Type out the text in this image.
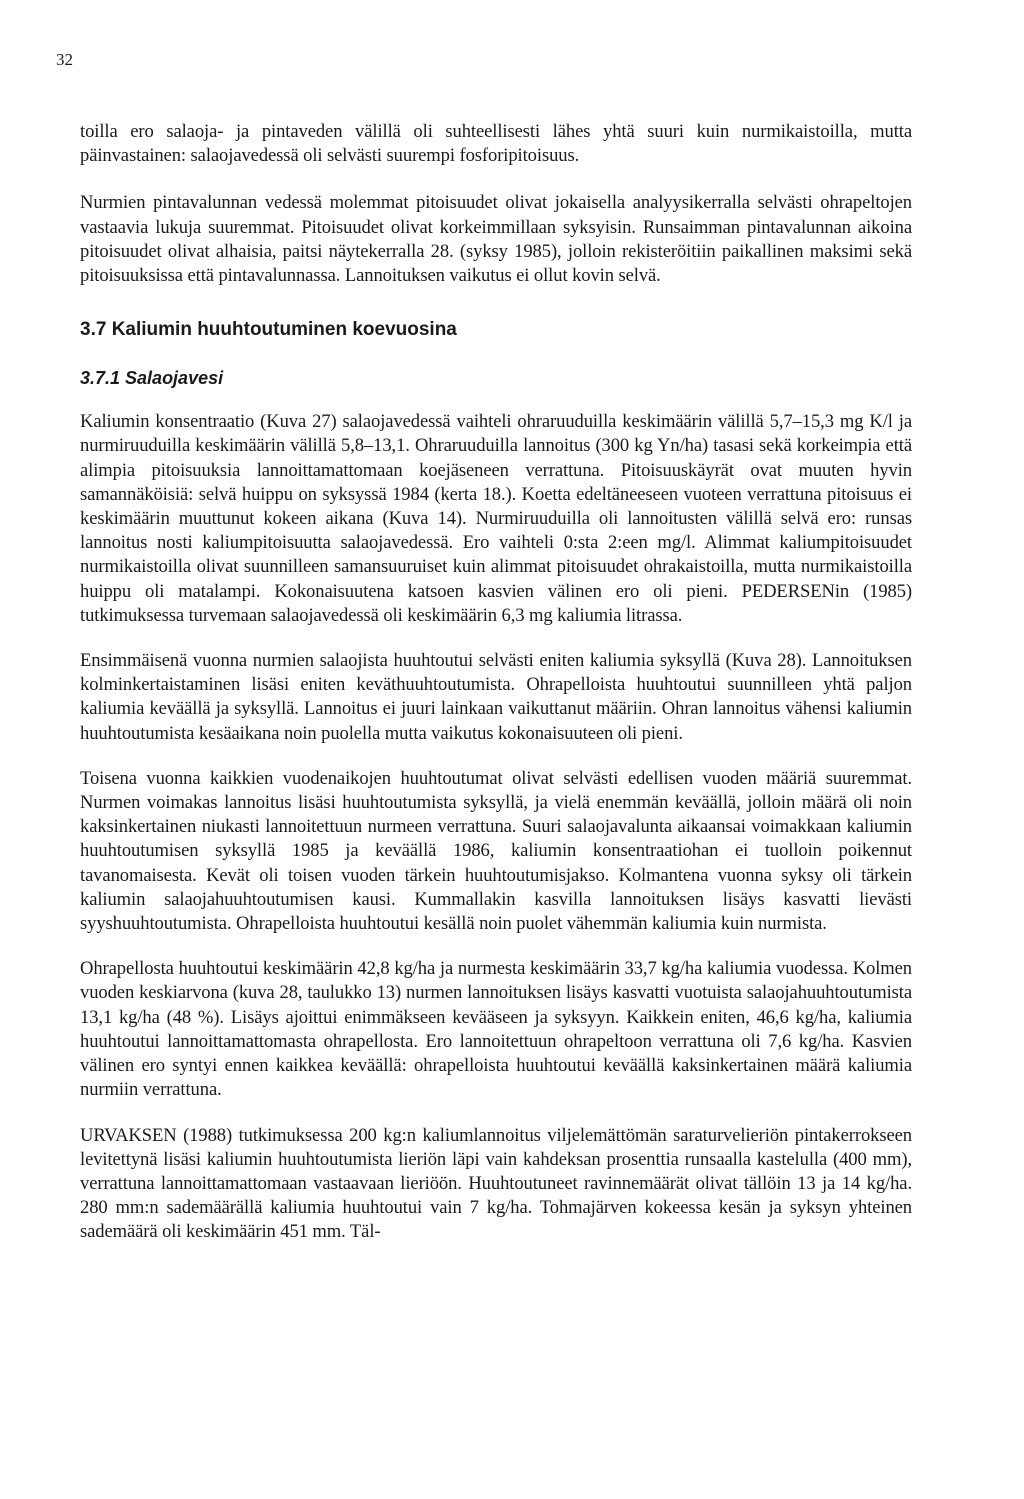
32

toilla ero salaoja- ja pintaveden välillä oli suhteellisesti lähes yhtä suuri kuin nurmikaistoilla, mutta päinvastainen: salaojavedessä oli selvästi suurempi fosforipitoisuus.

Nurmien pintavalunnan vedessä molemmat pitoisuudet olivat jokaisella analyysikerralla selvästi ohrapeltojen vastaavia lukuja suuremmat. Pitoisuudet olivat korkeimmillaan syksyisin. Runsaimman pintavalunnan aikoina pitoisuudet olivat alhaisia, paitsi näytekerralla 28. (syksy 1985), jolloin rekisteröitiin paikallinen maksimi sekä pitoisuuksissa että pintavalunnassa. Lannoituksen vaikutus ei ollut kovin selvä.

3.7 Kaliumin huuhtoutuminen koevuosina
3.7.1 Salaojavesi

Kaliumin konsentraatio (Kuva 27) salaojavedessä vaihteli ohraruuduilla keskimäärin välillä 5,7–15,3 mg K/l ja nurmiruuduilla keskimäärin välillä 5,8–13,1. Ohraruuduilla lannoitus (300 kg Yn/ha) tasasi sekä korkeimpia että alimpia pitoisuuksia lannoittamattomaan koejäseneen verrattuna. Pitoisuuskäyrät ovat muuten hyvin samannäköisiä: selvä huippu on syksyssä 1984 (kerta 18.). Koetta edeltäneeseen vuoteen verrattuna pitoisuus ei keskimäärin muuttunut kokeen aikana (Kuva 14). Nurmiruuduilla oli lannoitusten välillä selvä ero: runsas lannoitus nosti kaliumpitoisuutta salaojavedessä. Ero vaihteli 0:sta 2:een mg/l. Alimmat kaliumpitoisuudet nurmikaistoilla olivat suunnilleen samansuuruiset kuin alimmat pitoisuudet ohrakaistoilla, mutta nurmikaistoilla huippu oli matalampi. Kokonaisuutena katsoen kasvien välinen ero oli pieni. PEDERSENin (1985) tutkimuksessa turvemaan salaojavedessä oli keskimäärin 6,3 mg kaliumia litrassa.

Ensimmäisenä vuonna nurmien salaojista huuhtoutui selvästi eniten kaliumia syksyllä (Kuva 28). Lannoituksen kolminkertaistaminen lisäsi eniten keväthuuhtoutumista. Ohrapelloista huuhtoutui suunnilleen yhtä paljon kaliumia keväällä ja syksyllä. Lannoitus ei juuri lainkaan vaikuttanut määriin. Ohran lannoitus vähensi kaliumin huuhtoutumista kesäaikana noin puolella mutta vaikutus kokonaisuuteen oli pieni.

Toisena vuonna kaikkien vuodenaikojen huuhtoutumat olivat selvästi edellisen vuoden määriä suuremmat. Nurmen voimakas lannoitus lisäsi huuhtoutumista syksyllä, ja vielä enemmän keväällä, jolloin määrä oli noin kaksinkertainen niukasti lannoitettuun nurmeen verrattuna. Suuri salaojavalunta aikaansai voimakkaan kaliumin huuhtoutumisen syksyllä 1985 ja keväällä 1986, kaliumin konsentraatiohan ei tuolloin poikennut tavanomaisesta. Kevät oli toisen vuoden tärkein huuhtoutumisjakso. Kolmantena vuonna syksy oli tärkein kaliumin salaojahuuhtoutumisen kausi. Kummallakin kasvilla lannoituksen lisäys kasvatti lievästi syyshuuhtoutumista. Ohrapelloista huuhtoutui kesällä noin puolet vähemmän kaliumia kuin nurmista.

Ohrapellosta huuhtoutui keskimäärin 42,8 kg/ha ja nurmesta keskimäärin 33,7 kg/ha kaliumia vuodessa. Kolmen vuoden keskiarvona (kuva 28, taulukko 13) nurmen lannoituksen lisäys kasvatti vuotuista salaojahuuhtoutumista 13,1 kg/ha (48 %). Lisäys ajoittui enimmäkseen kevääseen ja syksyyn. Kaikkein eniten, 46,6 kg/ha, kaliumia huuhtoutui lannoittamattomasta ohrapellosta. Ero lannoitettuun ohrapeltoon verrattuna oli 7,6 kg/ha. Kasvien välinen ero syntyi ennen kaikkea keväällä: ohrapelloista huuhtoutui keväällä kaksinkertainen määrä kaliumia nurmiin verrattuna.

URVAKSEN (1988) tutkimuksessa 200 kg:n kaliumlannoitus viljelemättömän saraturvelieriön pintakerrokseen levitettynä lisäsi kaliumin huuhtoutumista lieriön läpi vain kahdeksan prosenttia runsaalla kastelulla (400 mm), verrattuna lannoittamattomaan vastaavaan lieriöön. Huuhtoutuneet ravinnemäärät olivat tällöin 13 ja 14 kg/ha. 280 mm:n sademäärällä kaliumia huuhtoutui vain 7 kg/ha. Tohmajärven kokeessa kesän ja syksyn yhteinen sademäärä oli keskimäärin 451 mm. Täl-
